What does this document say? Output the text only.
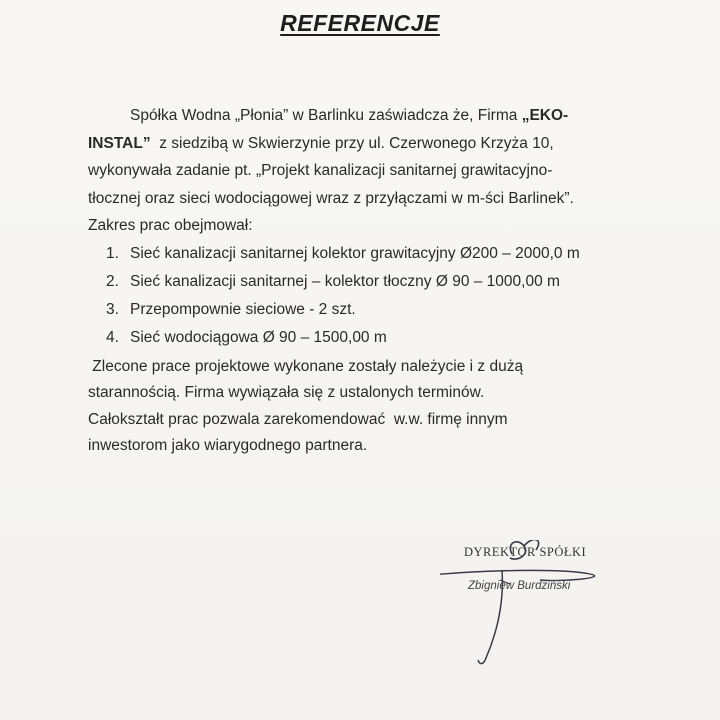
REFERENCJE
Spółka Wodna „Płonia” w Barlinku zaświadcza że, Firma „EKO-
INSTAL”  z siedzibą w Skwierzynie przy ul. Czerwonego Krzyża 10,
wykonywała zadanie pt. „Projekt kanalizacji sanitarnej grawitacyjno-
tłocznej oraz sieci wodociągowej wraz z przyłączami w m-ści Barlinek”.
Zakres prac obejmował:
1. Sieć kanalizacji sanitarnej kolektor grawitacyjny Ø200 – 2000,0 m
2. Sieć kanalizacji sanitarnej – kolektor tłoczny Ø 90 – 1000,00 m
3. Przepompownie sieciowe - 2 szt.
4. Sieć wodociągowa Ø 90 – 1500,00 m
Zlecone prace projektowe wykonane zostały należycie i z dużą
starannością. Firma wywiązała się z ustalonych terminów.
Całokształt prac pozwala zarekomendować  w.w. firmę innym
inwestorom jako wiarygodnego partnera.
DYREKTOR SPÓŁKI
Zbigniew Burdziński
